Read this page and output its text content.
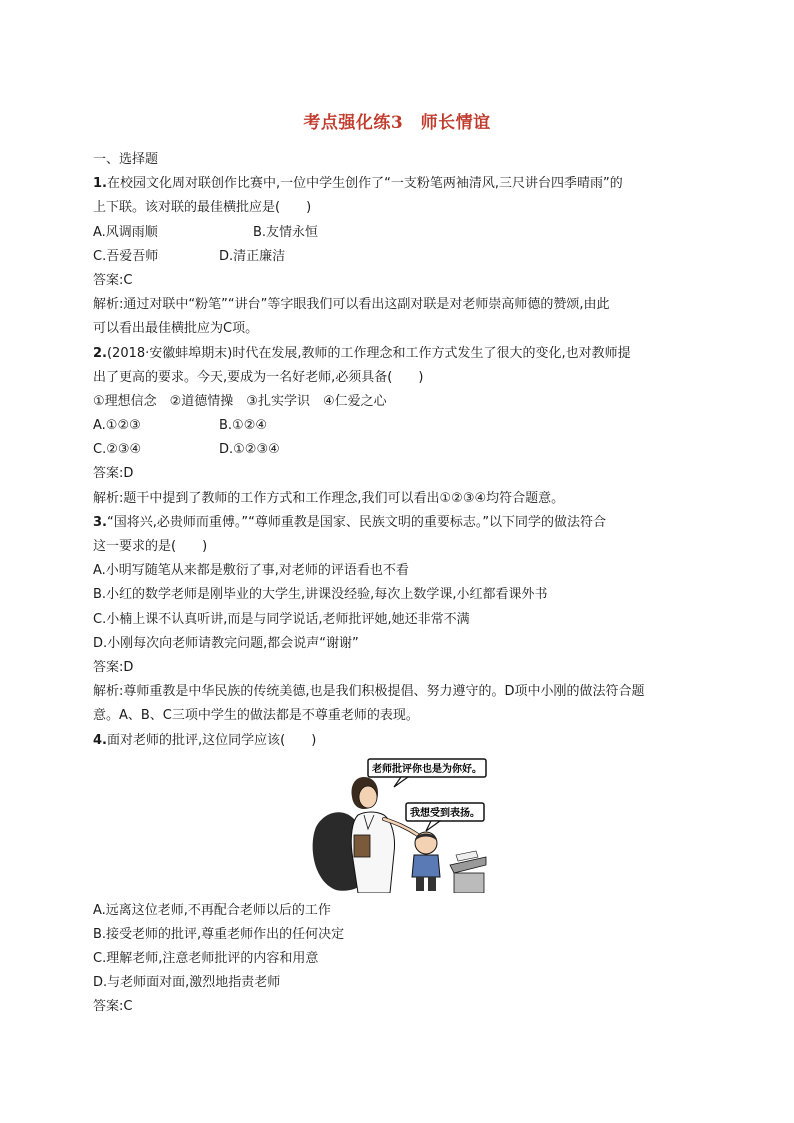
考点强化练3　师长情谊
一、选择题
1.在校园文化周对联创作比赛中,一位中学生创作了“一支粉笔两袖清风,三尺讲台四季晴雨”的
上下联。该对联的最佳横批应是(　　)
A.风调雨顺	B.友情永恒
C.吾爱吾师	D.清正廉洁
答案:C
解析:通过对联中“粉笔”“讲台”等字眼我们可以看出这副对联是对老师崇高师德的赞颂,由此
可以看出最佳横批应为C项。
2.(2018·安徽蚌埠期末)时代在发展,教师的工作理念和工作方式发生了很大的变化,也对教师提
出了更高的要求。今天,要成为一名好老师,必须具备(　　)
①理想信念　②道德情操　③扎实学识　④仁爱之心
A.①②③	B.①②④
C.②③④	D.①②③④
答案:D
解析:题干中提到了教师的工作方式和工作理念,我们可以看出①②③④均符合题意。
3.“国将兴,必贵师而重傅。”“尊师重教是国家、民族文明的重要标志。”以下同学的做法符合
这一要求的是(　　)
A.小明写随笔从来都是敷衍了事,对老师的评语看也不看
B.小红的数学老师是刚毕业的大学生,讲课没经验,每次上数学课,小红都看课外书
C.小楠上课不认真听讲,而是与同学说话,老师批评她,她还非常不满
D.小刚每次向老师请教完问题,都会说声“谢谢”
答案:D
解析:尊师重教是中华民族的传统美德,也是我们积极提倡、努力遵守的。D项中小刚的做法符合题
意。A、B、C三项中学生的做法都是不尊重老师的表现。
4.面对老师的批评,这位同学应该(　　)
老师批评你也是为你好。
我想受到表扬。
A.远离这位老师,不再配合老师以后的工作
B.接受老师的批评,尊重老师作出的任何决定
C.理解老师,注意老师批评的内容和用意
D.与老师面对面,激烈地指责老师
答案:C
